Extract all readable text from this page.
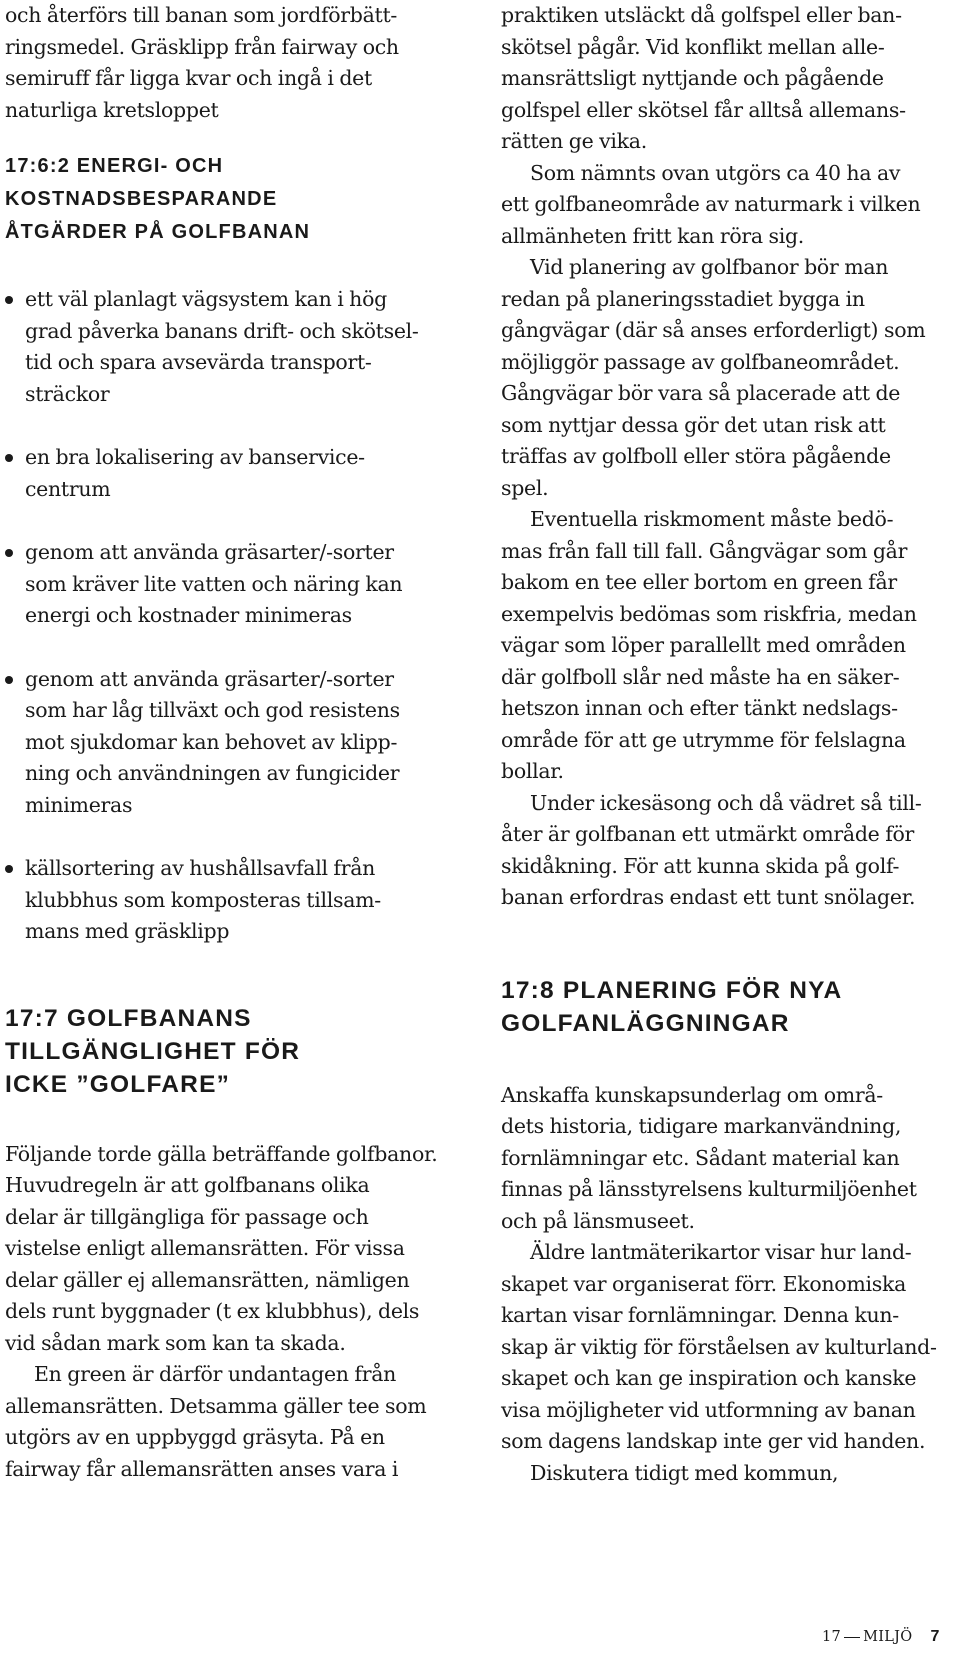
och återförs till banan som jordförbätt-
ringsmedel. Gräsklipp från fairway och
semiruff får ligga kvar och ingå i det
naturliga kretsloppet
17:6:2 ENERGI- OCH
KOSTNADSBESPARANDE
ÅTGÄRDER PÅ GOLFBANAN
ett väl planlagt vägsystem kan i hög
grad påverka banans drift- och skötsel-
tid och spara avsevärda transport-
sträckor
en bra lokalisering av banservice-
centrum
genom att använda gräsarter/-sorter
som kräver lite vatten och näring kan
energi och kostnader minimeras
genom att använda gräsarter/-sorter
som har låg tillväxt och god resistens
mot sjukdomar kan behovet av klipp-
ning och användningen av fungicider
minimeras
källsortering av hushållsavfall från
klubbhus som komposteras tillsam-
mans med gräsklipp
17:7 GOLFBANANS
TILLGÄNGLIGHET FÖR
ICKE ”GOLFARE”
Följande torde gälla beträffande golfbanor.
Huvudregeln är att golfbanans olika
delar är tillgängliga för passage och
vistelse enligt allemansrätten. För vissa
delar gäller ej allemansrätten, nämligen
dels runt byggnader (t ex klubbhus), dels
vid sådan mark som kan ta skada.
En green är därför undantagen från
allemansrätten. Detsamma gäller tee som
utgörs av en uppbyggd gräsyta. På en
fairway får allemansrätten anses vara i
praktiken utsläckt då golfspel eller ban-
skötsel pågår. Vid konflikt mellan alle-
mansrättsligt nyttjande och pågående
golfspel eller skötsel får alltså allemans-
rätten ge vika.
Som nämnts ovan utgörs ca 40 ha av
ett golfbaneområde av naturmark i vilken
allmänheten fritt kan röra sig.
Vid planering av golfbanor bör man
redan på planeringsstadiet bygga in
gångvägar (där så anses erforderligt) som
möjliggör passage av golfbaneområdet.
Gångvägar bör vara så placerade att de
som nyttjar dessa gör det utan risk att
träffas av golfboll eller störa pågående
spel.
Eventuella riskmoment måste bedö-
mas från fall till fall. Gångvägar som går
bakom en tee eller bortom en green får
exempelvis bedömas som riskfria, medan
vägar som löper parallellt med områden
där golfboll slår ned måste ha en säker-
hetszon innan och efter tänkt nedslags-
område för att ge utrymme för felslagna
bollar.
Under ickesäsong och då vädret så till-
åter är golfbanan ett utmärkt område för
skidåkning. För att kunna skida på golf-
banan erfordras endast ett tunt snölager.
17:8 PLANERING FÖR NYA
GOLFANLÄGGNINGAR
Anskaffa kunskapsunderlag om områ-
dets historia, tidigare markanvändning,
fornlämningar etc. Sådant material kan
finnas på länsstyrelsens kulturmiljöenhet
och på länsmuseet.
Äldre lantmäterikartor visar hur land-
skapet var organiserat förr. Ekonomiska
kartan visar fornlämningar. Denna kun-
skap är viktig för förståelsen av kulturland-
skapet och kan ge inspiration och kanske
visa möjligheter vid utformning av banan
som dagens landskap inte ger vid handen.
Diskutera tidigt med kommun,
17 MILJÖ 7
